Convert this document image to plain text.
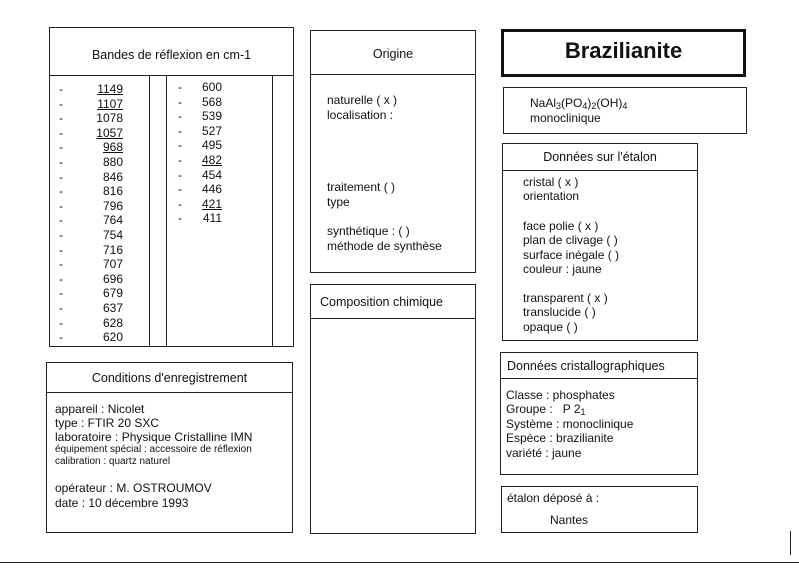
Bandes de réflexion en cm-1
-	1149
-	1107
-	1078
-	1057
-	968
-	880
-	846
-	816
-	796
-	764
-	754
-	716
-	707
-	696
-	679
-	637
-	628
-	620
- 600
- 568
- 539
- 527
- 495
- 482
- 454
- 446
- 421
- 411
Origine
naturelle ( x )
localisation :
traitement ( )
type
synthétique : ( )
méthode de synthèse
Composition chimique
Conditions d'enregistrement
appareil : Nicolet
type : FTIR 20 SXC
laboratoire : Physique Cristalline IMN
équipement spécial : accessoire de réflexion
calibration : quartz naturel
opérateur : M. OSTROUMOV
date : 10 décembre 1993
Brazilianite
$NaAl_3(PO_4)_2(OH)_4$
monoclinique
Données sur l'étalon
cristal ( x )
orientation
face polie ( x )
plan de clivage ( )
surface inégale ( )
couleur : jaune
transparent ( x )
translucide ( )
opaque ( )
Données cristallographiques
Classe : phosphates
Groupe :   P $2_1$
Système : monoclinique
Espèce : brazilianite
variété : jaune
étalon déposé à :
Nantes
